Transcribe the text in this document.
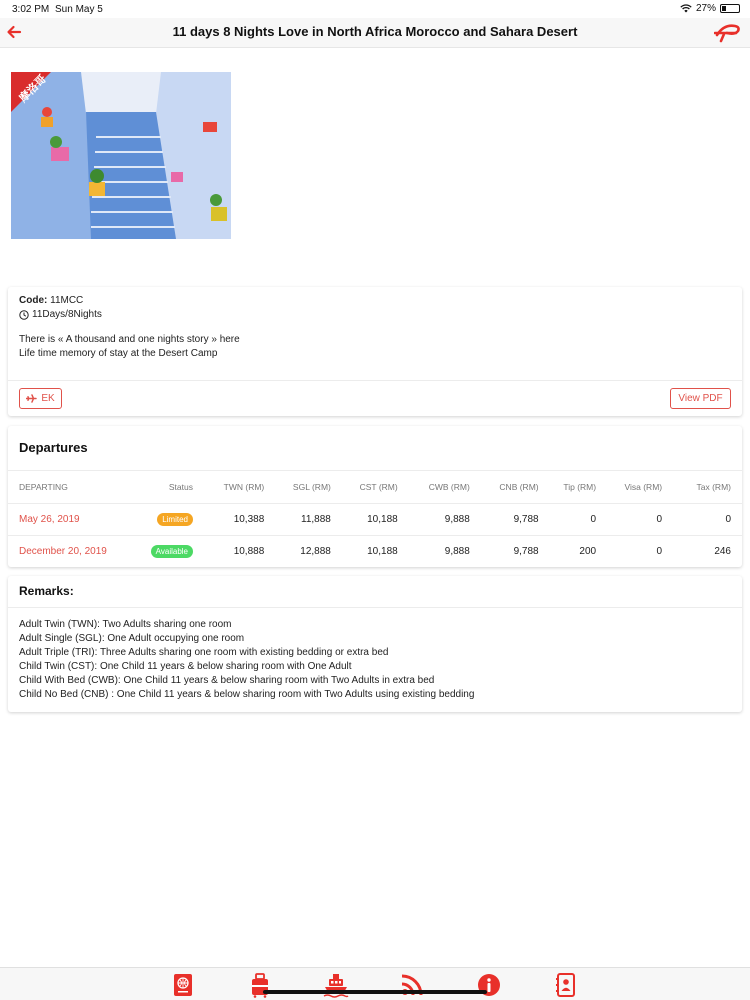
3:02 PM Sun May 5	27%
11 days 8 Nights Love in North Africa Morocco and Sahara Desert
摩洛哥
Code: 11MCC
11Days/8Nights
There is « A thousand and one nights story » here
Life time memory of stay at the Desert Camp
EK	View PDF
Departures
DEPARTING	Status	TWN (RM)	SGL (RM)	CST (RM)	CWB (RM)	CNB (RM)	Tip (RM)	Visa (RM)	Tax (RM)
May 26, 2019	Limited	10,388	11,888	10,188	9,888	9,788	0	0	0
December 20, 2019	Available	10,888	12,888	10,188	9,888	9,788	200	0	246
Remarks:
Adult Twin (TWN): Two Adults sharing one room
Adult Single (SGL): One Adult occupying one room
Adult Triple (TRI): Three Adults sharing one room with existing bedding or extra bed
Child Twin (CST): One Child 11 years & below sharing room with One Adult
Child With Bed (CWB): One Child 11 years & below sharing room with Two Adults in extra bed
Child No Bed (CNB) : One Child 11 years & below sharing room with Two Adults using existing bedding
